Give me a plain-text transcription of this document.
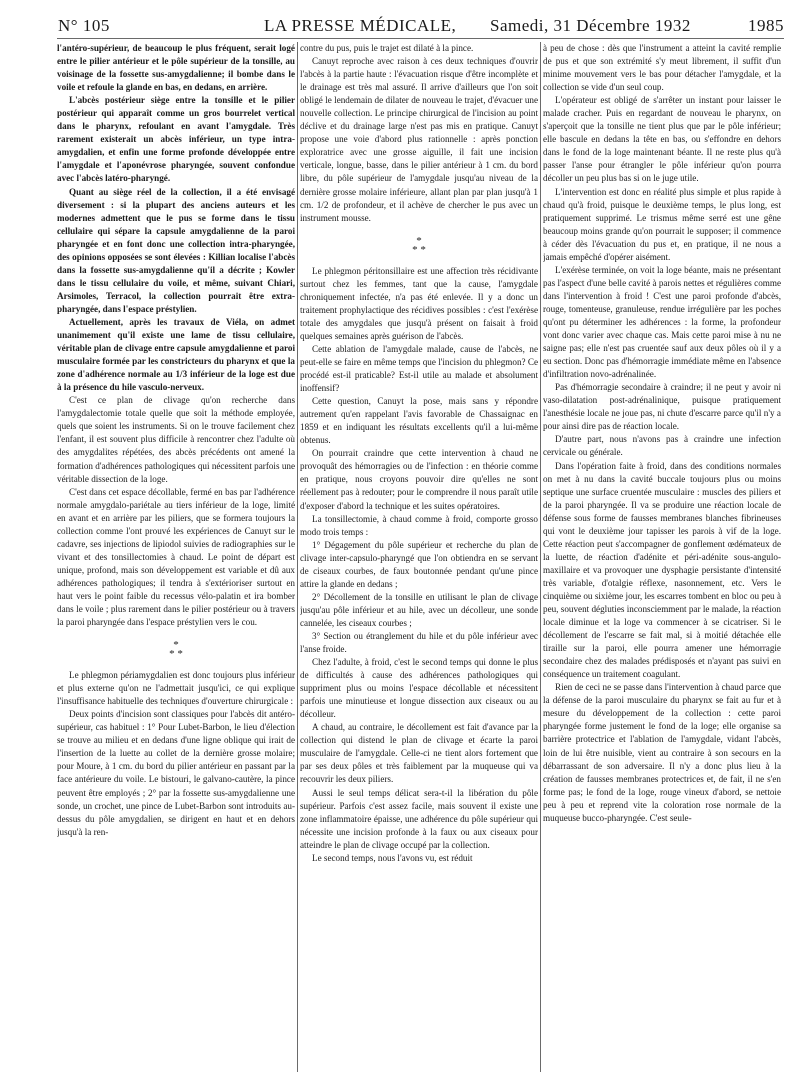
N° 105	LA PRESSE MÉDICALE, Samedi, 31 Décembre 1932	1985

l'antéro-supérieur, de beaucoup le plus fréquent, serait logé entre le pilier antérieur et le pôle supérieur de la tonsille, au voisinage de la fossette sus-amygdalienne; il bombe dans le voile et refoule la glande en bas, en dedans, en arrière.

L'abcès postérieur siège entre la tonsille et le pilier postérieur qui apparaît comme un gros bourrelet vertical dans le pharynx, refoulant en avant l'amygdale. Très rarement existerait un abcès inférieur, un type intra-amygdalien, et enfin une forme profonde développée entre l'amygdale et l'aponévrose pharyngée, souvent confondue avec l'abcès latéro-pharyngé.

Quant au siège réel de la collection, il a été envisagé diversement : si la plupart des anciens auteurs et les modernes admettent que le pus se forme dans le tissu cellulaire qui sépare la capsule amygdalienne de la paroi pharyngée et en font donc une collection intra-pharyngée, des opinions opposées se sont élevées : Killian localise l'abcès dans la fossette sus-amygdalienne qu'il a décrite ; Kowler dans le tissu cellulaire du voile, et même, suivant Chiari, Arsimoles, Terracol, la collection pourrait être extra-pharyngée, dans l'espace préstylien.

Actuellement, après les travaux de Viéla, on admet unanimement qu'il existe une lame de tissu cellulaire, véritable plan de clivage entre capsule amygdalienne et paroi musculaire formée par les constricteurs du pharynx et que la zone d'adhérence normale au 1/3 inférieur de la loge est due à la présence du hile vasculo-nerveux.

C'est ce plan de clivage qu'on recherche dans l'amygdalectomie totale quelle que soit la méthode employée, quels que soient les instruments. Si on le trouve facilement chez l'enfant, il est souvent plus difficile à rencontrer chez l'adulte où des amygdalites répétées, des abcès précédents ont amené la formation d'adhérences pathologiques qui nécessitent parfois une véritable dissection de la loge.

C'est dans cet espace décollable, fermé en bas par l'adhérence normale amygdalo-pariétale au tiers inférieur de la loge, limité en avant et en arrière par les piliers, que se formera toujours la collection comme l'ont prouvé les expériences de Canuyt sur le cadavre, ses injections de lipiodol suivies de radiographies sur le vivant et des tonsillectomies à chaud. Le point de départ est unique, profond, mais son développement est variable et dû aux adhérences pathologiques; il tendra à s'extérioriser surtout en haut vers le point faible du recessus vélo-palatin et ira bomber dans le voile ; plus rarement dans le pilier postérieur ou à travers la paroi pharyngée dans l'espace préstylien vers le cou.

*
* *

Le phlegmon périamygdalien est donc toujours plus inférieur et plus externe qu'on ne l'admettait jusqu'ici, ce qui explique l'insuffisance habituelle des techniques d'ouverture chirurgicale :

Deux points d'incision sont classiques pour l'abcès dit antéro-supérieur, cas habituel : 1° Pour Lubet-Barbon, le lieu d'élection se trouve au milieu et en dedans d'une ligne oblique qui irait de l'insertion de la luette au collet de la dernière grosse molaire; pour Moure, à 1 cm. du bord du pilier antérieur en passant par la face antérieure du voile. Le bistouri, le galvano-cautère, la pince peuvent être employés ; 2° par la fossette sus-amygdalienne une sonde, un crochet, une pince de Lubet-Barbon sont introduits au-dessus du pôle amygdalien, se dirigent en haut et en dehors jusqu'à la ren-

contre du pus, puis le trajet est dilaté à la pince.

Canuyt reproche avec raison à ces deux techniques d'ouvrir l'abcès à la partie haute : l'évacuation risque d'être incomplète et le drainage est très mal assuré. Il arrive d'ailleurs que l'on soit obligé le lendemain de dilater de nouveau le trajet, d'évacuer une nouvelle collection. Le principe chirurgical de l'incision au point déclive et du drainage large n'est pas mis en pratique. Canuyt propose une voie d'abord plus rationnelle : après ponction exploratrice avec une grosse aiguille, il fait une incision verticale, longue, basse, dans le pilier antérieur à 1 cm. du bord libre, du pôle supérieur de l'amygdale jusqu'au niveau de la dernière grosse molaire inférieure, allant plan par plan jusqu'à 1 cm. 1/2 de profondeur, et il achève de chercher le pus avec un instrument mousse.

*
* *

Le phlegmon péritonsillaire est une affection très récidivante surtout chez les femmes, tant que la cause, l'amygdale chroniquement infectée, n'a pas été enlevée. Il y a donc un traitement prophylactique des récidives possibles : c'est l'exérèse totale des amygdales que jusqu'à présent on faisait à froid quelques semaines après guérison de l'abcès.

Cette ablation de l'amygdale malade, cause de l'abcès, ne peut-elle se faire en même temps que l'incision du phlegmon? Ce procédé est-il praticable? Est-il utile au malade et absolument inoffensif?

Cette question, Canuyt la pose, mais sans y répondre autrement qu'en rappelant l'avis favorable de Chassaignac en 1859 et en indiquant les résultats excellents qu'il a lui-même obtenus.

On pourrait craindre que cette intervention à chaud ne provoquât des hémorragies ou de l'infection : en théorie comme en pratique, nous croyons pouvoir dire qu'elles ne sont réellement pas à redouter; pour le comprendre il nous paraît utile d'exposer d'abord la technique et les suites opératoires.

La tonsillectomie, à chaud comme à froid, comporte grosso modo trois temps :

1° Dégagement du pôle supérieur et recherche du plan de clivage inter-capsulo-pharyngé que l'on obtiendra en se servant de ciseaux courbes, de faux boutonnée pendant qu'une pince attire la glande en dedans ;

2° Décollement de la tonsille en utilisant le plan de clivage jusqu'au pôle inférieur et au hile, avec un décolleur, une sonde cannelée, les ciseaux courbes ;

3° Section ou étranglement du hile et du pôle inférieur avec l'anse froide.

Chez l'adulte, à froid, c'est le second temps qui donne le plus de difficultés à cause des adhérences pathologiques qui suppriment plus ou moins l'espace décollable et nécessitent parfois une minutieuse et longue dissection aux ciseaux ou au décolleur.

A chaud, au contraire, le décollement est fait d'avance par la collection qui distend le plan de clivage et écarte la paroi musculaire de l'amygdale. Celle-ci ne tient alors fortement que par ses deux pôles et très faiblement par la muqueuse qui va recouvrir les deux piliers.

Aussi le seul temps délicat sera-t-il la libération du pôle supérieur. Parfois c'est assez facile, mais souvent il existe une zone inflammatoire épaisse, une adhérence du pôle supérieur qui nécessite une incision profonde à la faux ou aux ciseaux pour atteindre le plan de clivage occupé par la collection.

Le second temps, nous l'avons vu, est réduit

à peu de chose : dès que l'instrument a atteint la cavité remplie de pus et que son extrémité s'y meut librement, il suffit d'un minime mouvement vers le bas pour détacher l'amygdale, et la collection se vide d'un seul coup.

L'opérateur est obligé de s'arrêter un instant pour laisser le malade cracher. Puis en regardant de nouveau le pharynx, on s'aperçoit que la tonsille ne tient plus que par le pôle inférieur; elle bascule en dedans la tête en bas, ou s'effondre en dehors dans le fond de la loge maintenant béante. Il ne reste plus qu'à passer l'anse pour étrangler le pôle inférieur qu'on pourra décoller un peu plus bas si on le juge utile.

L'intervention est donc en réalité plus simple et plus rapide à chaud qu'à froid, puisque le deuxième temps, le plus long, est pratiquement supprimé. Le trismus même serré est une gêne beaucoup moins grande qu'on pourrait le supposer; il commence à céder dès l'évacuation du pus et, en pratique, il ne nous a jamais empêché d'opérer aisément.

L'exérèse terminée, on voit la loge béante, mais ne présentant pas l'aspect d'une belle cavité à parois nettes et régulières comme dans l'intervention à froid ! C'est une paroi profonde d'abcès, rouge, tomenteuse, granuleuse, rendue irrégulière par les poches qu'ont pu déterminer les adhérences : la forme, la profondeur vont donc varier avec chaque cas. Mais cette paroi mise à nu ne saigne pas; elle n'est pas cruentée sauf aux deux pôles où il y a eu section. Donc pas d'hémorragie immédiate même en l'absence d'infiltration novo-adrénalinée.

Pas d'hémorragie secondaire à craindre; il ne peut y avoir ni vaso-dilatation post-adrénalinique, puisque pratiquement l'anesthésie locale ne joue pas, ni chute d'escarre parce qu'il n'y a pour ainsi dire pas de réaction locale.

D'autre part, nous n'avons pas à craindre une infection cervicale ou générale.

Dans l'opération faite à froid, dans des conditions normales on met à nu dans la cavité buccale toujours plus ou moins septique une surface cruentée musculaire : muscles des piliers et de la paroi pharyngée. Il va se produire une réaction locale de défense sous forme de fausses membranes blanches fibrineuses qui vont le deuxième jour tapisser les parois à vif de la loge. Cette réaction peut s'accompagner de gonflement œdémateux de la luette, de réaction d'adénite et péri-adénite sous-angulo-maxillaire et va provoquer une dysphagie persistante d'intensité très variable, d'otalgie réflexe, nasonnement, etc. Vers le cinquième ou sixième jour, les escarres tombent en bloc ou peu à peu, souvent dégluties inconsciemment par le malade, la réaction locale diminue et la loge va commencer à se cicatriser. Si le décollement de l'escarre se fait mal, si à moitié détachée elle tiraille sur la paroi, elle pourra amener une hémorragie secondaire chez des malades prédisposés et n'ayant pas suivi en conséquence un traitement coagulant.

Rien de ceci ne se passe dans l'intervention à chaud parce que la défense de la paroi musculaire du pharynx se fait au fur et à mesure du développement de la collection : cette paroi pharyngée forme justement le fond de la loge; elle organise sa barrière protectrice et l'ablation de l'amygdale, vidant l'abcès, loin de lui être nuisible, vient au contraire à son secours en la débarrassant de son adversaire. Il n'y a donc plus lieu à la création de fausses membranes protectrices et, de fait, il ne s'en forme pas; le fond de la loge, rouge vineux d'abord, se nettoie peu à peu et reprend vite la coloration rose normale de la muqueuse bucco-pharyngée. C'est seule-
